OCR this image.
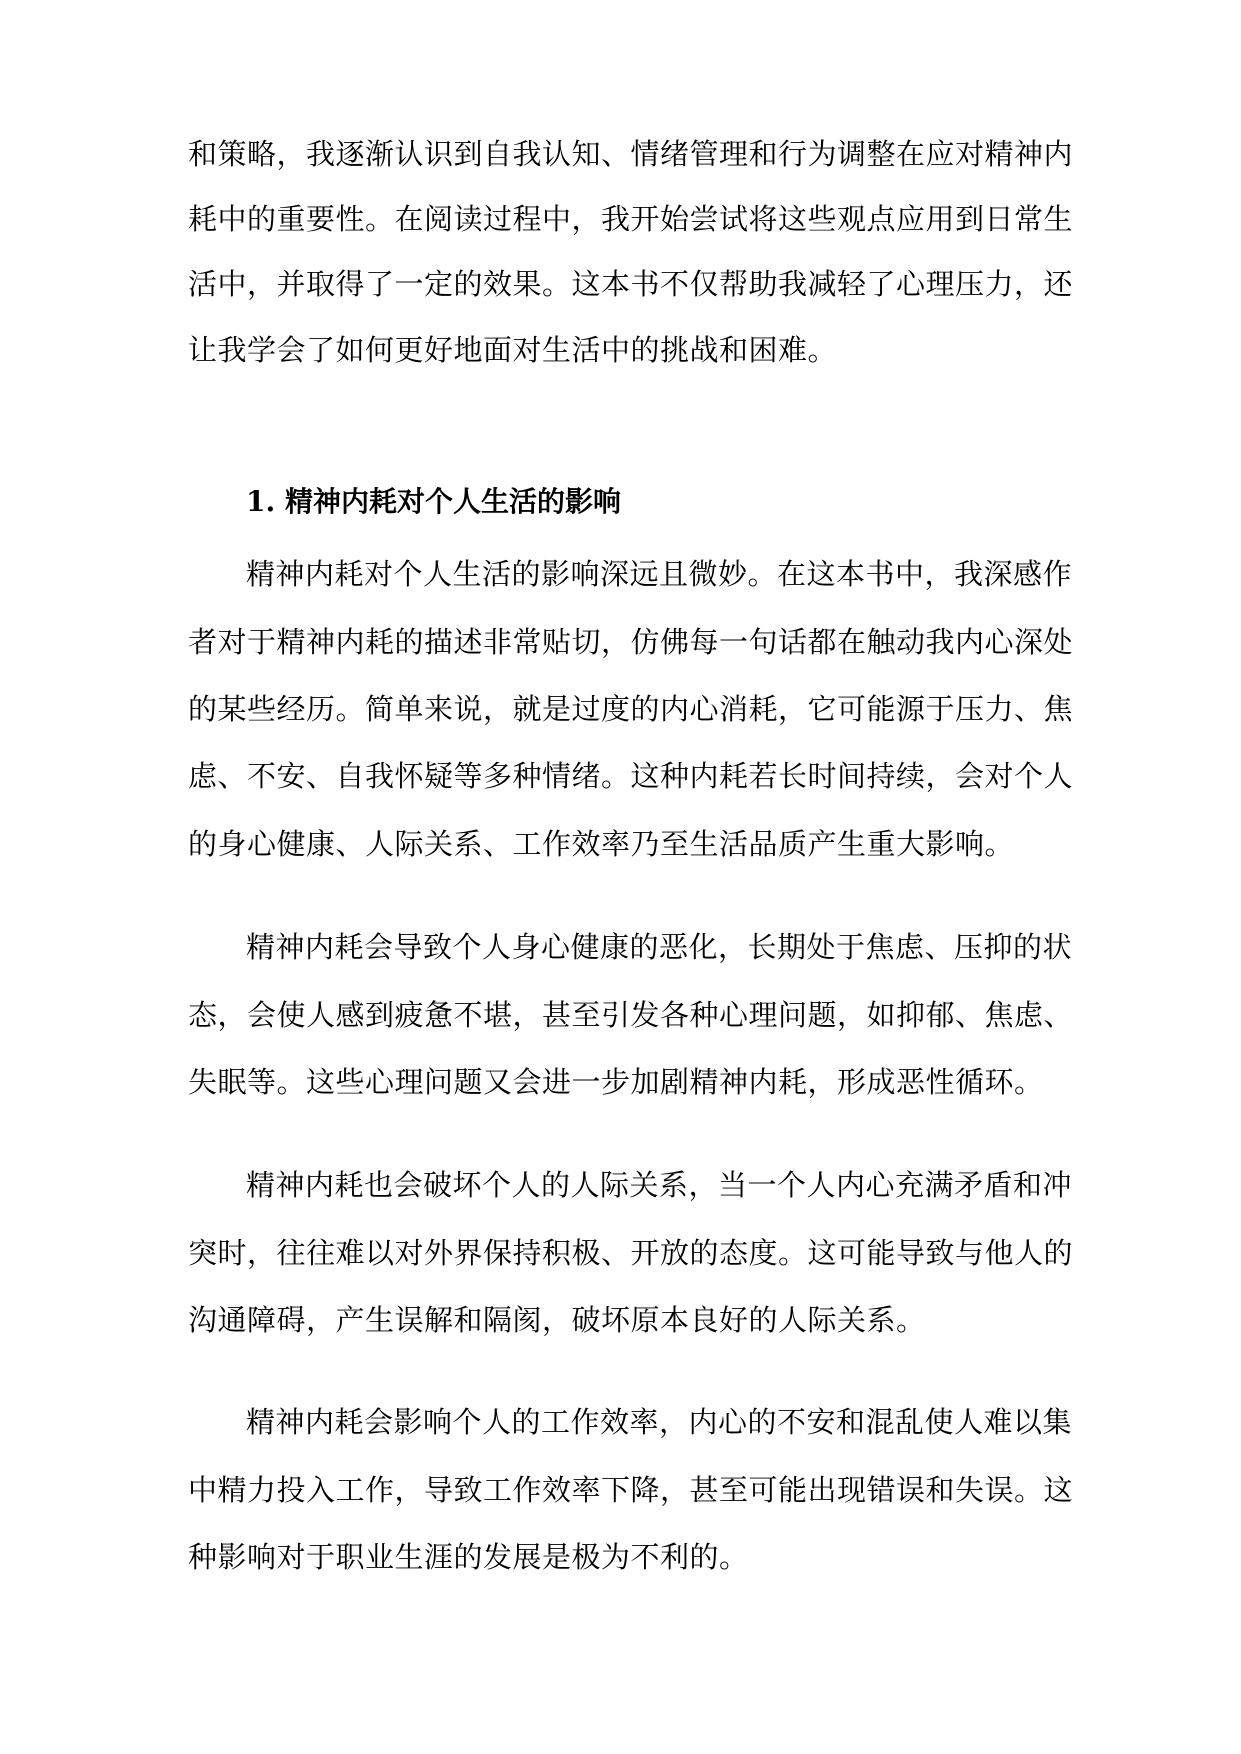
和策略，我逐渐认识到自我认知、情绪管理和行为调整在应对精神内
耗中的重要性。在阅读过程中，我开始尝试将这些观点应用到日常生
活中，并取得了一定的效果。这本书不仅帮助我减轻了心理压力，还
让我学会了如何更好地面对生活中的挑战和困难。
1. 精神内耗对个人生活的影响
精神内耗对个人生活的影响深远且微妙。在这本书中，我深感作
者对于精神内耗的描述非常贴切，仿佛每一句话都在触动我内心深处
的某些经历。简单来说，就是过度的内心消耗，它可能源于压力、焦
虑、不安、自我怀疑等多种情绪。这种内耗若长时间持续，会对个人
的身心健康、人际关系、工作效率乃至生活品质产生重大影响。
精神内耗会导致个人身心健康的恶化，长期处于焦虑、压抑的状
态，会使人感到疲惫不堪，甚至引发各种心理问题，如抑郁、焦虑、
失眠等。这些心理问题又会进一步加剧精神内耗，形成恶性循环。
精神内耗也会破坏个人的人际关系，当一个人内心充满矛盾和冲
突时，往往难以对外界保持积极、开放的态度。这可能导致与他人的
沟通障碍，产生误解和隔阂，破坏原本良好的人际关系。
精神内耗会影响个人的工作效率，内心的不安和混乱使人难以集
中精力投入工作，导致工作效率下降，甚至可能出现错误和失误。这
种影响对于职业生涯的发展是极为不利的。
